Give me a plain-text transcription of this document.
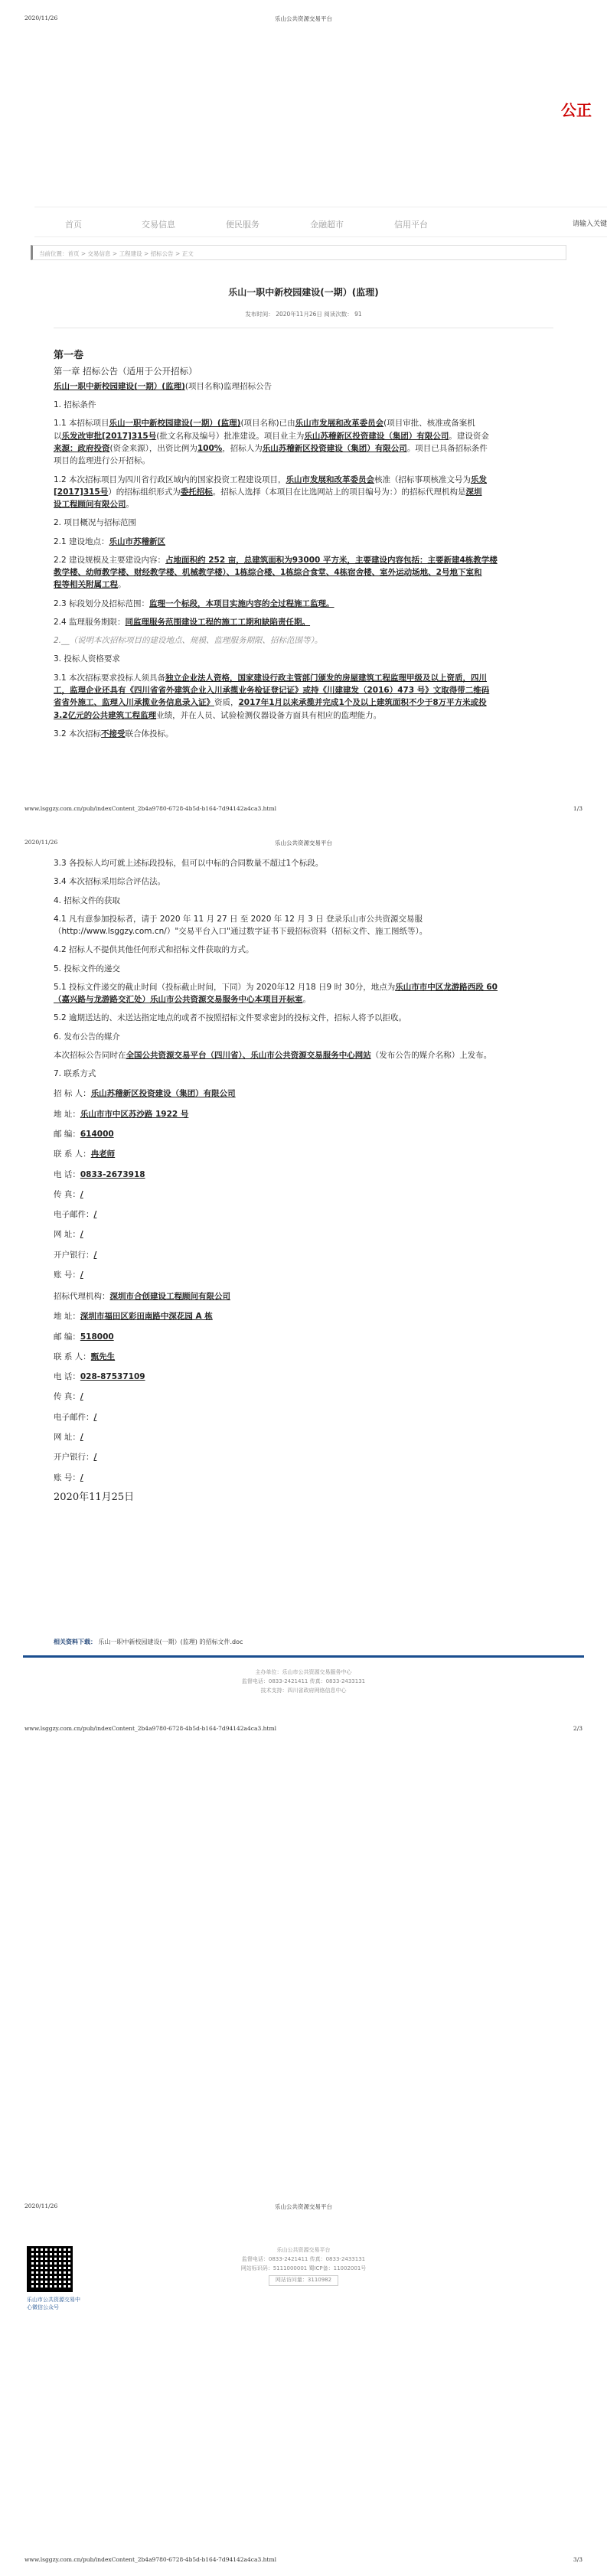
2020/11/26	乐山公共资源交易平台
公正
首页	交易信息	便民服务	金融超市	信用平台	请输入关键
当前位置：首页 > 交易信息 > 工程建设 > 招标公告 > 正文
乐山一职中新校园建设(一期）(监理)
发布时间： 2020年11月26日 阅读次数： 91

第一卷

第一章 招标公告（适用于公开招标）

乐山一职中新校园建设(一期）(监理)(项目名称)监理招标公告

1. 招标条件

1.1 本招标项目乐山一职中新校园建设(一期）(监理)(项目名称)已由乐山市发展和改革委员会(项目审批、核准或备案机

以乐发改审批[2017]315号(批文名称及编号）批准建设。项目业主为乐山苏稽新区投资建设（集团）有限公司。建设资金

来源：政府投资(资金来源），出资比例为100%，招标人为乐山苏稽新区投资建设（集团）有限公司。项目已具备招标条件

项目的监理进行公开招标。

1.2 本次招标项目为四川省行政区域内的国家投资工程建设项目，乐山市发展和改革委员会核准（招标事项核准文号为乐发

[2017]315号）的招标组织形式为委托招标。招标人选择（本项目在比选网站上的项目编号为：）的招标代理机构是深圳

设工程顾问有限公司。

2. 项目概况与招标范围

2.1 建设地点：乐山市苏稽新区

2.2 建设规模及主要建设内容：占地面积约 252 亩，总建筑面积为93000 平方米，主要建设内容包括：主要新建4栋教学楼

教学楼、幼师教学楼、财经教学楼、机械教学楼）、1栋综合楼、1栋综合食堂、4栋宿舍楼、室外运动场地、2号地下室和

程等相关附属工程。

2.3 标段划分及招标范围：监理一个标段，本项目实施内容的全过程施工监理。

2.4 监理服务期限：同监理服务范围建设工程的施工工期和缺陷责任期。

2.__（说明本次招标项目的建设地点、规模、监理服务期限、招标范围等）。

3. 投标人资格要求

3.1 本次招标要求投标人须具备独立企业法人资格，国家建设行政主管部门颁发的房屋建筑工程监理甲级及以上资质，四川

工，监理企业还具有《四川省省外建筑企业入川承揽业务检证登记证》或持《川建建发（2016）473 号》文取得带二维码

省省外施工、监理入川承揽业务信息录入证》资质，2017年1月以来承揽并完成1个及以上建筑面积不少于8万平方米或投

3.2亿元的公共建筑工程监理业绩，并在人员、试验检测仪器设备方面具有相应的监理能力。

3.2 本次招标不接受联合体投标。

www.lsggzy.com.cn/pub/indexContent_2b4a9780-6728-4b5d-b164-7d94142a4ca3.html	1/3
2020/11/26	乐山公共资源交易平台

3.3 各投标人均可就上述标段投标，但可以中标的合同数量不超过1个标段。

3.4 本次招标采用综合评估法。

4. 招标文件的获取

4.1 凡有意参加投标者，请于 2020 年 11 月 27 日 至 2020 年 12 月 3 日 登录乐山市公共资源交易服

（http://www.lsggzy.com.cn/）"交易平台入口"通过数字证书下载招标资料（招标文件、施工图纸等）。

4.2 招标人不提供其他任何形式和招标文件获取的方式。

5. 投标文件的递交

5.1 投标文件递交的截止时间（投标截止时间，下同）为 2020年12 月18 日9 时 30分，地点为乐山市市中区龙游路西段 60

（嘉兴路与龙游路交汇处）乐山市公共资源交易服务中心本项目开标室。

5.2 逾期送达的、未送达指定地点的或者不按照招标文件要求密封的投标文件，招标人将予以拒收。

6. 发布公告的媒介

本次招标公告同时在全国公共资源交易平台（四川省）、乐山市公共资源交易服务中心网站（发布公告的媒介名称）上发布。

7. 联系方式

招 标 人：乐山苏稽新区投资建设（集团）有限公司

地 址：乐山市市中区苏沙路 1922 号

邮 编：614000

联 系 人：冉老师

电 话：0833-2673918

传 真：/

电子邮件：/

网 址：/

开户银行：/

账 号：/

招标代理机构：深圳市合创建设工程顾问有限公司

地 址：深圳市福田区彩田南路中深花园 A 栋

邮 编：518000

联 系 人：甄先生

电 话：028-87537109

传 真：/

电子邮件：/

网 址：/

开户银行：/

账 号：/

2020年11月25日

相关资料下载： 乐山一职中新校园建设(一期）(监理) 的招标文件.doc
主办单位：乐山市公共资源交易服务中心
监督电话：0833-2421411 传真：0833-2433131
技术支持：四川省政府网络信息中心
www.lsggzy.com.cn/pub/indexContent_2b4a9780-6728-4b5d-b164-7d94142a4ca3.html	2/3
2020/11/26	乐山公共资源交易平台
乐山市公共资源交易中心微信公众号
乐山公共资源交易平台
监督电话：0833-2421411 传真：0833-2433131
网站标识码：5111000001 蜀ICP备：11002001号
网站访问量：3110982
www.lsggzy.com.cn/pub/indexContent_2b4a9780-6728-4b5d-b164-7d94142a4ca3.html	3/3
